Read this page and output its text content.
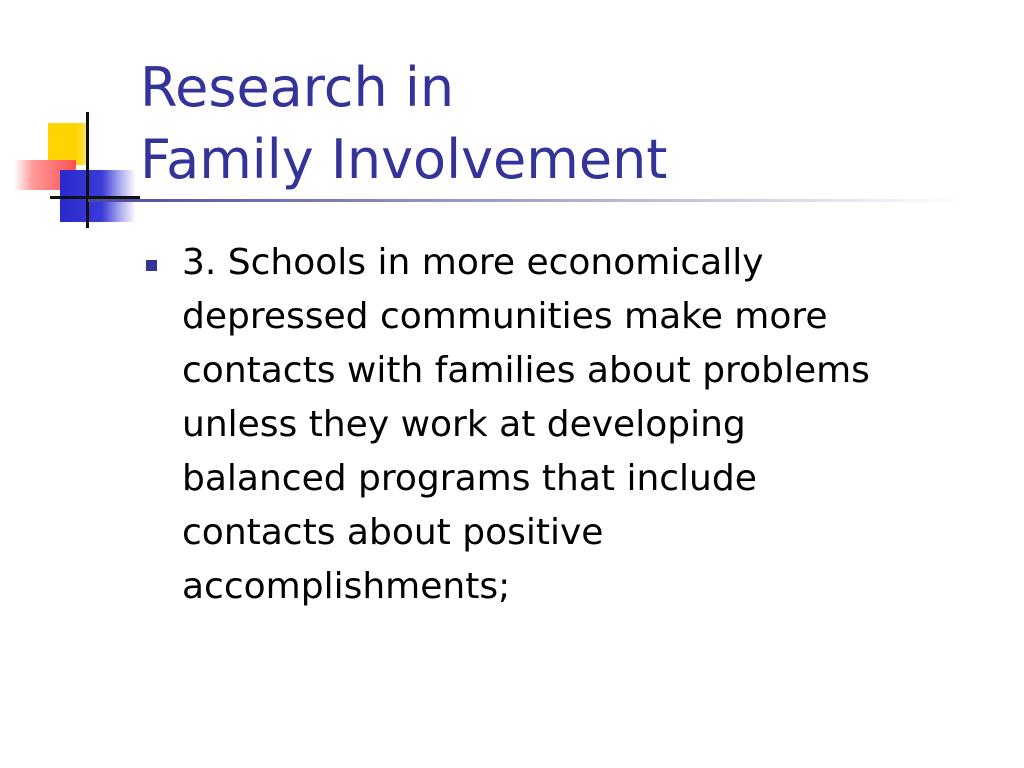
Research in
Family Involvement

3. Schools in more economically
depressed communities make more
contacts with families about problems
unless they work at developing
balanced programs that include
contacts about positive
accomplishments;
